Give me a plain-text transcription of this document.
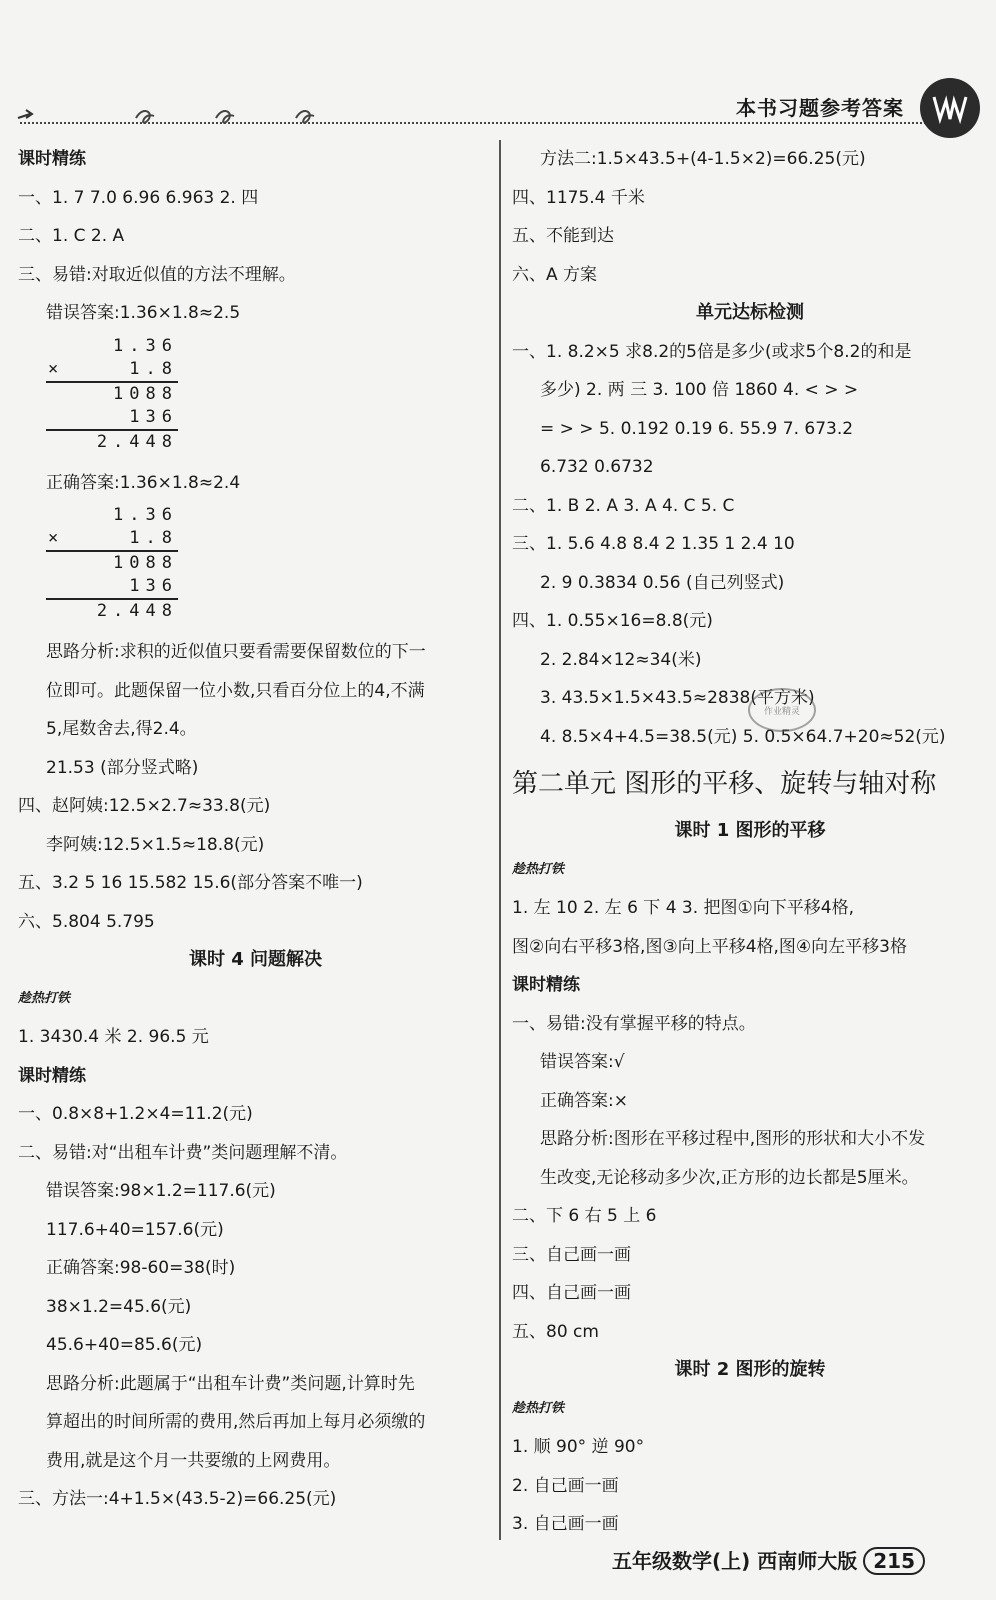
本书习题参考答案
课时精练
一、1. 7 7.0 6.96 6.963 2. 四
二、1. C 2. A
三、易错:对取近似值的方法不理解。
错误答案:1.36×1.8≈2.5
1.36
×	1.8
1088
136
2.448
正确答案:1.36×1.8≈2.4
1.36
×	1.8
1088
136
2.448
思路分析:求积的近似值只要看需要保留数位的下一
位即可。此题保留一位小数,只看百分位上的4,不满
5,尾数舍去,得2.4。
21.53 (部分竖式略)
四、赵阿姨:12.5×2.7≈33.8(元)
李阿姨:12.5×1.5≈18.8(元)
五、3.2 5 16 15.582 15.6(部分答案不唯一)
六、5.804 5.795
课时 4 问题解决
趁热打铁
1. 3430.4 米 2. 96.5 元
课时精练
一、0.8×8+1.2×4=11.2(元)
二、易错:对“出租车计费”类问题理解不清。
错误答案:98×1.2=117.6(元)
117.6+40=157.6(元)
正确答案:98-60=38(时)
38×1.2=45.6(元)
45.6+40=85.6(元)
思路分析:此题属于“出租车计费”类问题,计算时先
算超出的时间所需的费用,然后再加上每月必须缴的
费用,就是这个月一共要缴的上网费用。
三、方法一:4+1.5×(43.5-2)=66.25(元)
方法二:1.5×43.5+(4-1.5×2)=66.25(元)
四、1175.4 千米
五、不能到达
六、A 方案
单元达标检测
一、1. 8.2×5 求8.2的5倍是多少(或求5个8.2的和是
多少) 2. 两 三 3. 100 倍 1860 4. < > >
= > > 5. 0.192 0.19 6. 55.9 7. 673.2
6.732 0.6732
二、1. B 2. A 3. A 4. C 5. C
三、1. 5.6 4.8 8.4 2 1.35 1 2.4 10
2. 9 0.3834 0.56 (自己列竖式)
四、1. 0.55×16=8.8(元)
2. 2.84×12≈34(米)
3. 43.5×1.5×43.5≈2838(平方米)
4. 8.5×4+4.5=38.5(元) 5. 0.5×64.7+20≈52(元)
第二单元 图形的平移、旋转与轴对称
课时 1 图形的平移
趁热打铁
1. 左 10 2. 左 6 下 4 3. 把图①向下平移4格,
图②向右平移3格,图③向上平移4格,图④向左平移3格
课时精练
一、易错:没有掌握平移的特点。
错误答案:√
正确答案:×
思路分析:图形在平移过程中,图形的形状和大小不发
生改变,无论移动多少次,正方形的边长都是5厘米。
二、下 6 右 5 上 6
三、自己画一画
四、自己画一画
五、80 cm
课时 2 图形的旋转
趁热打铁
1. 顺 90° 逆 90°
2. 自己画一画
3. 自己画一画
作业精灵
五年级数学(上) 西南师大版 215
